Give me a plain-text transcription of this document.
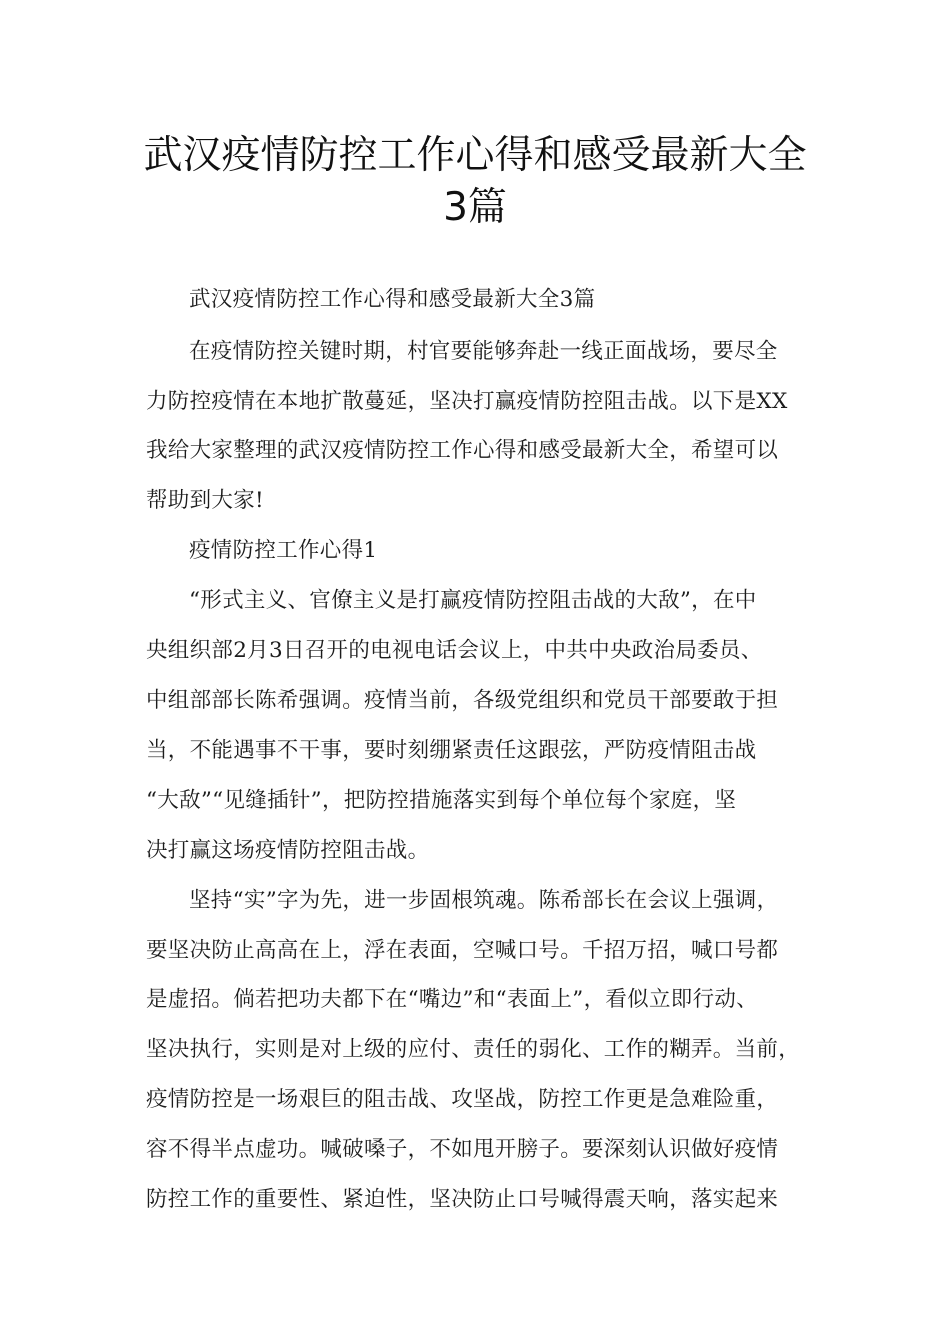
武汉疫情防控工作心得和感受最新大全
3篇
武汉疫情防控工作心得和感受最新大全3篇
在疫情防控关键时期，村官要能够奔赴一线正面战场，要尽全
力防控疫情在本地扩散蔓延，坚决打赢疫情防控阻击战。以下是XX
我给大家整理的武汉疫情防控工作心得和感受最新大全，希望可以
帮助到大家!
疫情防控工作心得1
“形式主义、官僚主义是打赢疫情防控阻击战的大敌”，在中
央组织部2月3日召开的电视电话会议上，中共中央政治局委员、
中组部部长陈希强调。疫情当前，各级党组织和党员干部要敢于担
当，不能遇事不干事，要时刻绷紧责任这跟弦，严防疫情阻击战
“大敌”“见缝插针”，把防控措施落实到每个单位每个家庭，坚
决打赢这场疫情防控阻击战。
坚持“实”字为先，进一步固根筑魂。陈希部长在会议上强调，
要坚决防止高高在上，浮在表面，空喊口号。千招万招，喊口号都
是虚招。倘若把功夫都下在“嘴边”和“表面上”，看似立即行动、
坚决执行，实则是对上级的应付、责任的弱化、工作的糊弄。当前，
疫情防控是一场艰巨的阻击战、攻坚战，防控工作更是急难险重，
容不得半点虚功。喊破嗓子，不如甩开膀子。要深刻认识做好疫情
防控工作的重要性、紧迫性，坚决防止口号喊得震天响，落实起来
